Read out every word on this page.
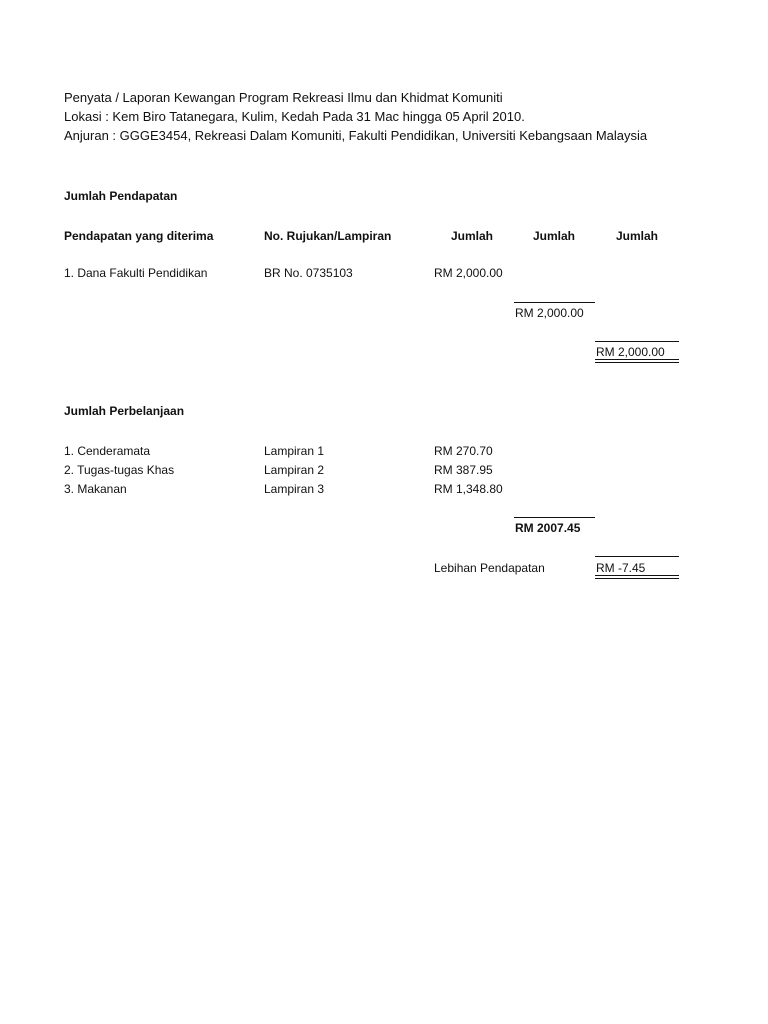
Penyata / Laporan Kewangan Program Rekreasi Ilmu dan Khidmat Komuniti
Lokasi : Kem Biro Tatanegara, Kulim, Kedah Pada 31 Mac hingga 05 April 2010.
Anjuran : GGGE3454, Rekreasi Dalam Komuniti, Fakulti Pendidikan, Universiti Kebangsaan Malaysia
Jumlah Pendapatan
Pendapatan yang diterima	No. Rujukan/Lampiran	Jumlah	Jumlah	Jumlah
1. Dana Fakulti Pendidikan	BR No. 0735103	RM 2,000.00
RM 2,000.00
RM 2,000.00
Jumlah Perbelanjaan
1. Cenderamata	Lampiran 1	RM 270.70
2. Tugas-tugas Khas	Lampiran 2	RM 387.95
3. Makanan	Lampiran 3	RM 1,348.80
RM 2007.45
Lebihan Pendapatan	RM -7.45
